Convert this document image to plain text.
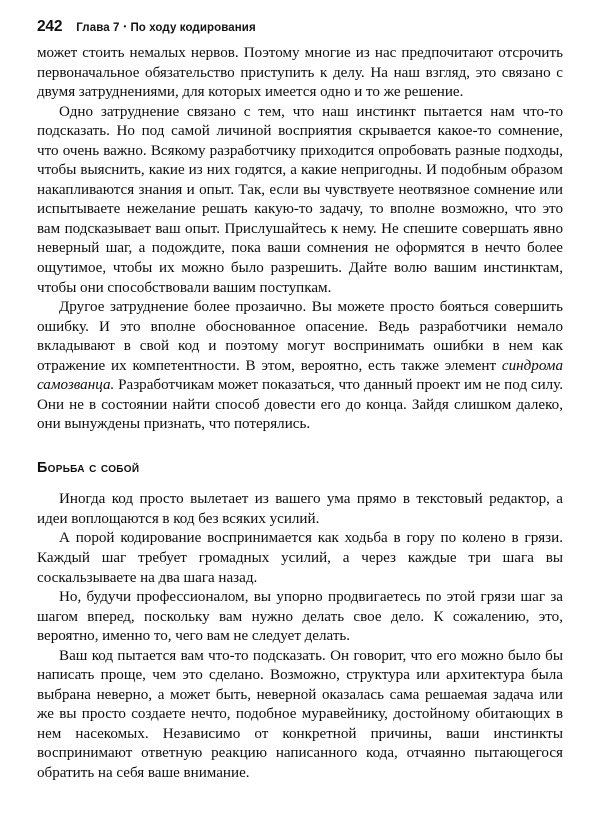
242 Глава 7 • По ходу кодирования

может стоить немалых нервов. Поэтому многие из нас предпочитают отсрочить первоначальное обязательство приступить к делу. На наш взгляд, это связано с двумя затруднениями, для которых имеется одно и то же решение.

Одно затруднение связано с тем, что наш инстинкт пытается нам что-то подсказать. Но под самой личиной восприятия скрывается какое-то сомнение, что очень важно. Всякому разработчику приходится опробовать разные подходы, чтобы выяснить, какие из них годятся, а какие непригодны. И подобным образом накапливаются знания и опыт. Так, если вы чувствуете неотвязное сомнение или испытываете нежелание решать какую-то задачу, то вполне возможно, что это вам подсказывает ваш опыт. Прислушайтесь к нему. Не спешите совершать явно неверный шаг, а подождите, пока ваши сомнения не оформятся в нечто более ощутимое, чтобы их можно было разрешить. Дайте волю вашим инстинктам, чтобы они способствовали вашим поступкам.

Другое затруднение более прозаично. Вы можете просто бояться совершить ошибку. И это вполне обоснованное опасение. Ведь разработчики немало вкладывают в свой код и поэтому могут воспринимать ошибки в нем как отражение их компетентности. В этом, вероятно, есть также элемент синдрома самозванца. Разработчикам может показаться, что данный проект им не под силу. Они не в состоянии найти способ довести его до конца. Зайдя слишком далеко, они вынуждены признать, что потерялись.

Борьба с собой

Иногда код просто вылетает из вашего ума прямо в текстовый редактор, а идеи воплощаются в код без всяких усилий.

А порой кодирование воспринимается как ходьба в гору по колено в грязи. Каждый шаг требует громадных усилий, а через каждые три шага вы соскальзываете на два шага назад.

Но, будучи профессионалом, вы упорно продвигаетесь по этой грязи шаг за шагом вперед, поскольку вам нужно делать свое дело. К сожалению, это, вероятно, именно то, чего вам не следует делать.

Ваш код пытается вам что-то подсказать. Он говорит, что его можно было бы написать проще, чем это сделано. Возможно, структура или архитектура была выбрана неверно, а может быть, неверной оказалась сама решаемая задача или же вы просто создаете нечто, подобное муравейнику, достойному обитающих в нем насекомых. Независимо от конкретной причины, ваши инстинкты воспринимают ответную реакцию написанного кода, отчаянно пытающегося обратить на себя ваше внимание.
